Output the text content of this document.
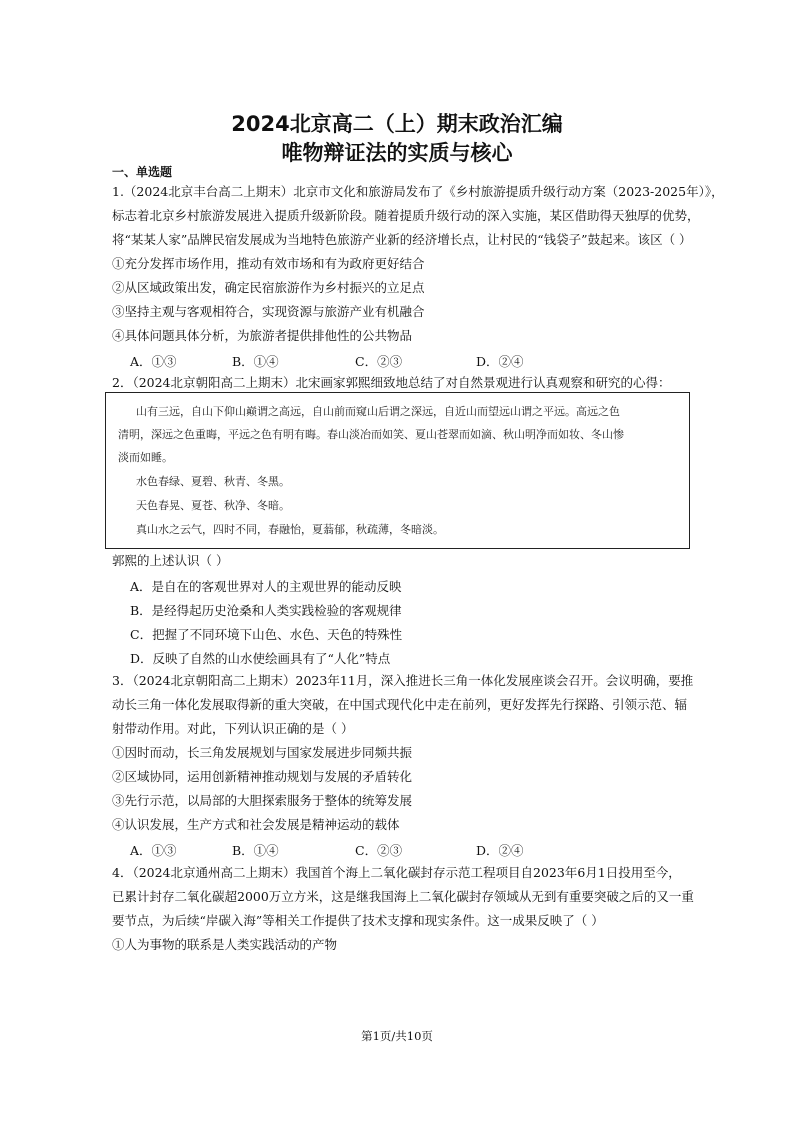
2024北京高二（上）期末政治汇编
唯物辩证法的实质与核心
一、单选题
1.（2024北京丰台高二上期末）北京市文化和旅游局发布了《乡村旅游提质升级行动方案（2023-2025年）》，
标志着北京乡村旅游发展进入提质升级新阶段。随着提质升级行动的深入实施，某区借助得天独厚的优势，
将“某某人家”品牌民宿发展成为当地特色旅游产业新的经济增长点，让村民的“钱袋子”鼓起来。该区（ ）
①充分发挥市场作用，推动有效市场和有为政府更好结合
②从区域政策出发，确定民宿旅游作为乡村振兴的立足点
③坚持主观与客观相符合，实现资源与旅游产业有机融合
④具体问题具体分析，为旅游者提供排他性的公共物品
A．①③	B．①④	C．②③	D．②④
2．（2024北京朝阳高二上期末）北宋画家郭熙细致地总结了对自然景观进行认真观察和研究的心得：
山有三远，自山下仰山巅谓之高远，自山前而窥山后谓之深远，自近山而望远山谓之平远。高远之色
清明，深远之色重晦，平远之色有明有晦。春山淡冶而如笑、夏山苍翠而如滴、秋山明净而如妆、冬山惨
淡而如睡。
水色春绿、夏碧、秋青、冬黑。
天色春晃、夏苍、秋净、冬暗。
真山水之云气，四时不同，春融怡，夏蓊郁，秋疏薄，冬暗淡。
郭熙的上述认识（ ）
A．是自在的客观世界对人的主观世界的能动反映
B．是经得起历史沧桑和人类实践检验的客观规律
C．把握了不同环境下山色、水色、天色的特殊性
D．反映了自然的山水使绘画具有了“人化”特点
3．（2024北京朝阳高二上期末）2023年11月，深入推进长三角一体化发展座谈会召开。会议明确，要推
动长三角一体化发展取得新的重大突破，在中国式现代化中走在前列，更好发挥先行探路、引领示范、辐
射带动作用。对此，下列认识正确的是（ ）
①因时而动，长三角发展规划与国家发展进步同频共振
②区域协同，运用创新精神推动规划与发展的矛盾转化
③先行示范，以局部的大胆探索服务于整体的统筹发展
④认识发展，生产方式和社会发展是精神运动的载体
A．①③	B．①④	C．②③	D．②④
4．（2024北京通州高二上期末）我国首个海上二氧化碳封存示范工程项目自2023年6月1日投用至今，
已累计封存二氧化碳超2000万立方米，这是继我国海上二氧化碳封存领域从无到有重要突破之后的又一重
要节点，为后续“岸碳入海”等相关工作提供了技术支撑和现实条件。这一成果反映了（ ）
①人为事物的联系是人类实践活动的产物
第1页/共10页
